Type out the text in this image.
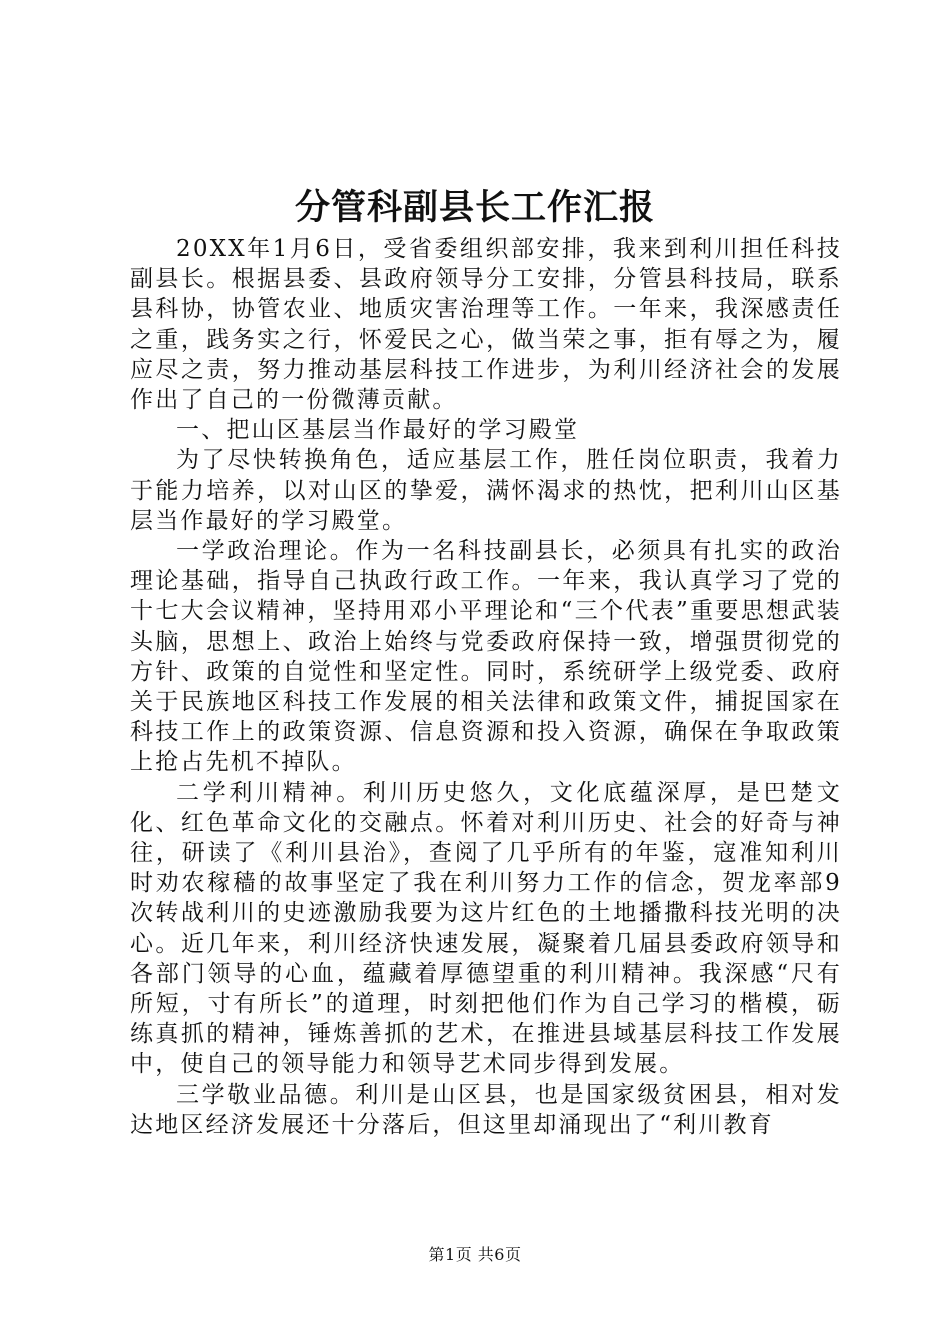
分管科副县长工作汇报

20XX年1月6日，受省委组织部安排，我来到利川担任科技副县长。根据县委、县政府领导分工安排，分管县科技局，联系县科协，协管农业、地质灾害治理等工作。一年来，我深感责任之重，践务实之行，怀爱民之心，做当荣之事，拒有辱之为，履应尽之责，努力推动基层科技工作进步，为利川经济社会的发展作出了自己的一份微薄贡献。

一、把山区基层当作最好的学习殿堂

为了尽快转换角色，适应基层工作，胜任岗位职责，我着力于能力培养，以对山区的挚爱，满怀渴求的热忱，把利川山区基层当作最好的学习殿堂。

一学政治理论。作为一名科技副县长，必须具有扎实的政治理论基础，指导自己执政行政工作。一年来，我认真学习了党的十七大会议精神，坚持用邓小平理论和“三个代表”重要思想武装头脑，思想上、政治上始终与党委政府保持一致，增强贯彻党的方针、政策的自觉性和坚定性。同时，系统研学上级党委、政府关于民族地区科技工作发展的相关法律和政策文件，捕捉国家在科技工作上的政策资源、信息资源和投入资源，确保在争取政策上抢占先机不掉队。

二学利川精神。利川历史悠久，文化底蕴深厚，是巴楚文化、红色革命文化的交融点。怀着对利川历史、社会的好奇与神往，研读了《利川县治》，查阅了几乎所有的年鉴，寇准知利川时劝农稼穑的故事坚定了我在利川努力工作的信念，贺龙率部9次转战利川的史迹激励我要为这片红色的土地播撒科技光明的决心。近几年来，利川经济快速发展，凝聚着几届县委政府领导和各部门领导的心血，蕴藏着厚德望重的利川精神。我深感“尺有所短，寸有所长”的道理，时刻把他们作为自己学习的楷模，砺练真抓的精神，锤炼善抓的艺术，在推进县域基层科技工作发展中，使自己的领导能力和领导艺术同步得到发展。

三学敬业品德。利川是山区县，也是国家级贫困县，相对发达地区经济发展还十分落后，但这里却涌现出了“利川教育

第1页 共6页
